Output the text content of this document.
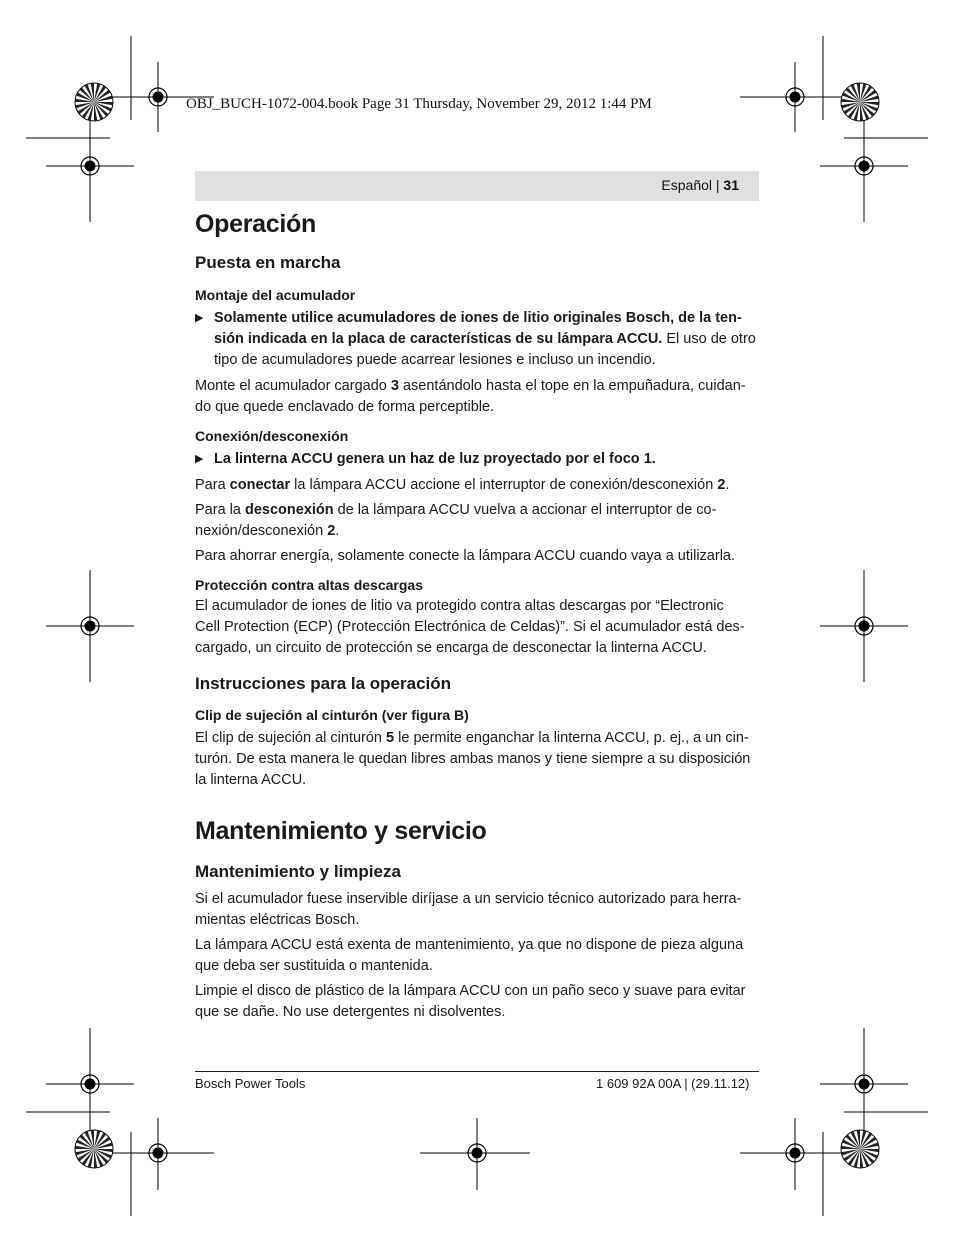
OBJ_BUCH-1072-004.book Page 31 Thursday, November 29, 2012 1:44 PM
Español | 31
Operación
Puesta en marcha
Montaje del acumulador
▶ Solamente utilice acumuladores de iones de litio originales Bosch, de la ten-
sión indicada en la placa de características de su lámpara ACCU. El uso de otro
tipo de acumuladores puede acarrear lesiones e incluso un incendio.

Monte el acumulador cargado 3 asentándolo hasta el tope en la empuñadura, cuidan-
do que quede enclavado de forma perceptible.

Conexión/desconexión
▶ La linterna ACCU genera un haz de luz proyectado por el foco 1.

Para conectar la lámpara ACCU accione el interruptor de conexión/desconexión 2.

Para la desconexión de la lámpara ACCU vuelva a accionar el interruptor de co-
nexión/desconexión 2.

Para ahorrar energía, solamente conecte la lámpara ACCU cuando vaya a utilizarla.

Protección contra altas descargas

El acumulador de iones de litio va protegido contra altas descargas por “Electronic
Cell Protection (ECP) (Protección Electrónica de Celdas)”. Si el acumulador está des-
cargado, un circuito de protección se encarga de desconectar la linterna ACCU.

Instrucciones para la operación
Clip de sujeción al cinturón (ver figura B)

El clip de sujeción al cinturón 5 le permite enganchar la linterna ACCU, p. ej., a un cin-
turón. De esta manera le quedan libres ambas manos y tiene siempre a su disposición
la linterna ACCU.

Mantenimiento y servicio
Mantenimiento y limpieza

Si el acumulador fuese inservible diríjase a un servicio técnico autorizado para herra-
mientas eléctricas Bosch.

La lámpara ACCU está exenta de mantenimiento, ya que no dispone de pieza alguna
que deba ser sustituida o mantenida.

Limpie el disco de plástico de la lámpara ACCU con un paño seco y suave para evitar
que se dañe. No use detergentes ni disolventes.

Bosch Power Tools	1 609 92A 00A | (29.11.12)
